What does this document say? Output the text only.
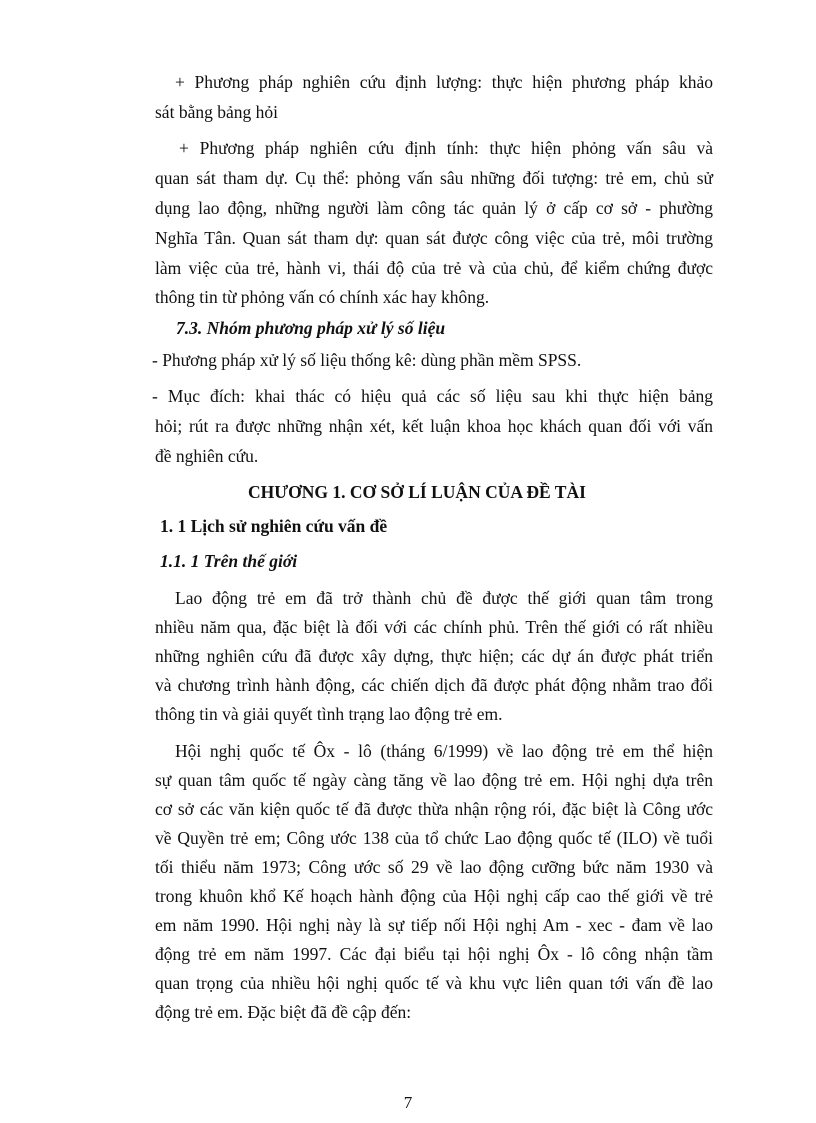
+ Phương pháp nghiên cứu định lượng: thực hiện phương pháp khảo
sát bằng bảng hỏi
+ Phương pháp nghiên cứu định tính: thực hiện phỏng vấn sâu và
quan sát tham dự. Cụ thể: phỏng vấn sâu những đối tượng: trẻ em, chủ sử
dụng lao động, những người làm công tác quản lý ở cấp cơ sở - phường
Nghĩa Tân. Quan sát tham dự: quan sát được công việc của trẻ, môi trường
làm việc của trẻ, hành vi, thái độ của trẻ và của chủ, để kiểm chứng được
thông tin từ phỏng vấn có chính xác hay không.
7.3. Nhóm phương pháp xử lý số liệu
- Phương pháp xử lý số liệu thống kê: dùng phần mềm SPSS.
- Mục đích: khai thác có hiệu quả các số liệu sau khi thực hiện bảng
hỏi; rút ra được những nhận xét, kết luận khoa học khách quan đối với vấn
đề nghiên cứu.
CHƯƠNG 1. CƠ SỞ LÍ LUẬN CỦA ĐỀ TÀI
1. 1 Lịch sử nghiên cứu vấn đề
1.1. 1 Trên thế giới
Lao động trẻ em đã trở thành chủ đề được thế giới quan tâm trong
nhiều năm qua, đặc biệt là đối với các chính phủ. Trên thế giới có rất nhiều
những nghiên cứu đã được xây dựng, thực hiện; các dự án được phát triển
và chương trình hành động, các chiến dịch đã được phát động nhằm trao đổi
thông tin và giải quyết tình trạng lao động trẻ em.
Hội nghị quốc tế Ôx - lô (tháng 6/1999) về lao động trẻ em thể hiện
sự quan tâm quốc tế ngày càng tăng về lao động trẻ em. Hội nghị dựa trên
cơ sở các văn kiện quốc tế đã được thừa nhận rộng rói, đặc biệt là Công ước
về Quyền trẻ em; Công ước 138 của tổ chức Lao động quốc tế (ILO) về tuổi
tối thiểu năm 1973; Công ước số 29 về lao động cưỡng bức năm 1930 và
trong khuôn khổ Kế hoạch hành động của Hội nghị cấp cao thế giới về trẻ
em năm 1990. Hội nghị này là sự tiếp nối Hội nghị Am - xec - đam về lao
động trẻ em năm 1997. Các đại biểu tại hội nghị Ôx - lô công nhận tầm
quan trọng của nhiều hội nghị quốc tế và khu vực liên quan tới vấn đề lao
động trẻ em. Đặc biệt đã đề cập đến:
7
